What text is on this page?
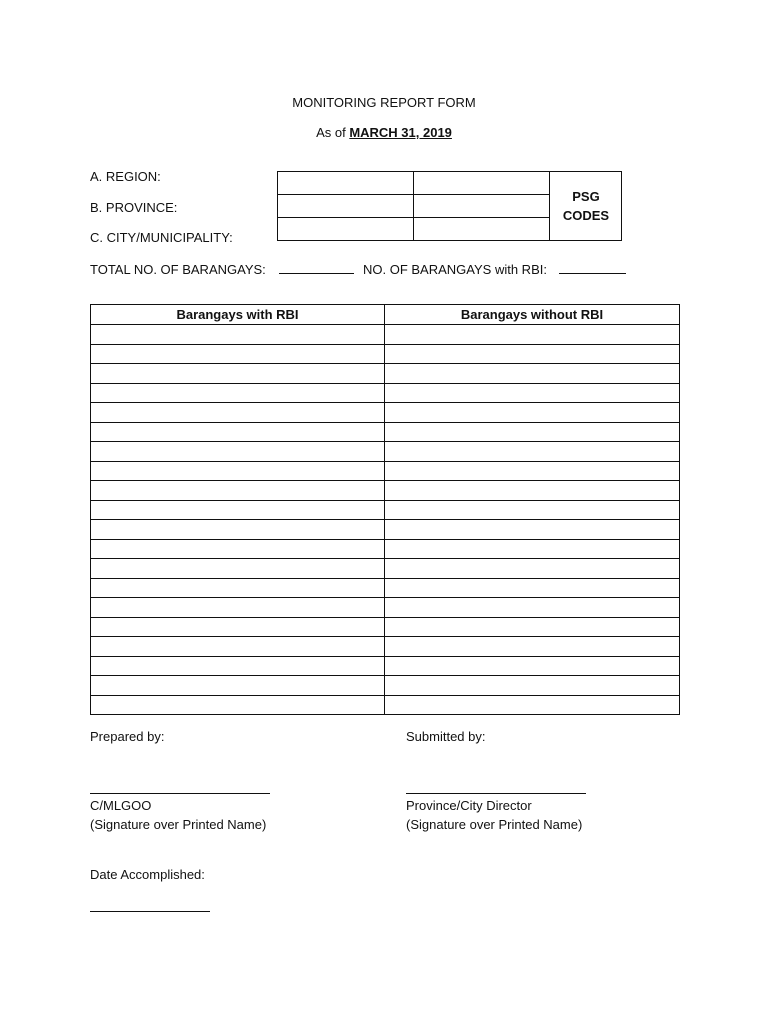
MONITORING REPORT FORM
As of MARCH 31, 2019
A. REGION:
B. PROVINCE:
C. CITY/MUNICIPALITY:
PSG
CODES
TOTAL NO. OF BARANGAYS:	NO. OF BARANGAYS with RBI:
Barangays with RBI	Barangays without RBI

Prepared by:	Submitted by:
C/MLGOO
(Signature over Printed Name)
Province/City Director
(Signature over Printed Name)
Date Accomplished:
